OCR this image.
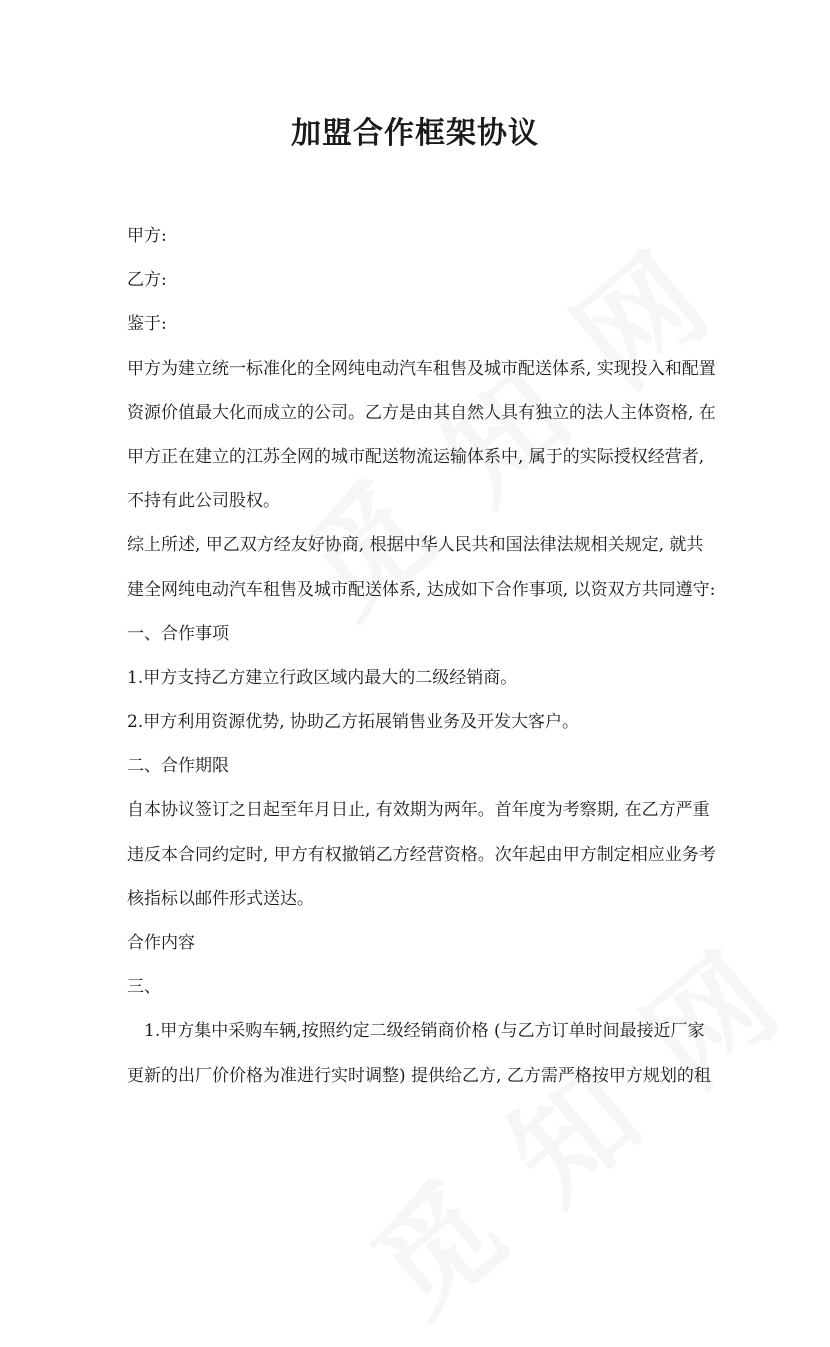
加盟合作框架协议
甲方:
乙方:
鉴于:
甲方为建立统一标准化的全网纯电动汽车租售及城市配送体系, 实现投入和配置
资源价值最大化而成立的公司。乙方是由其自然人具有独立的法人主体资格, 在
甲方正在建立的江苏全网的城市配送物流运输体系中, 属于的实际授权经营者,
不持有此公司股权。
综上所述, 甲乙双方经友好协商, 根据中华人民共和国法律法规相关规定, 就共
建全网纯电动汽车租售及城市配送体系, 达成如下合作事项, 以资双方共同遵守:
一、合作事项
1.甲方支持乙方建立行政区域内最大的二级经销商。
2.甲方利用资源优势, 协助乙方拓展销售业务及开发大客户。
二、合作期限
自本协议签订之日起至年月日止, 有效期为两年。首年度为考察期, 在乙方严重
违反本合同约定时, 甲方有权撤销乙方经营资格。次年起由甲方制定相应业务考
核指标以邮件形式送达。
合作内容
三、
1.甲方集中采购车辆,按照约定二级经销商价格 (与乙方订单时间最接近厂家
更新的出厂价价格为准进行实时调整) 提供给乙方, 乙方需严格按甲方规划的租
